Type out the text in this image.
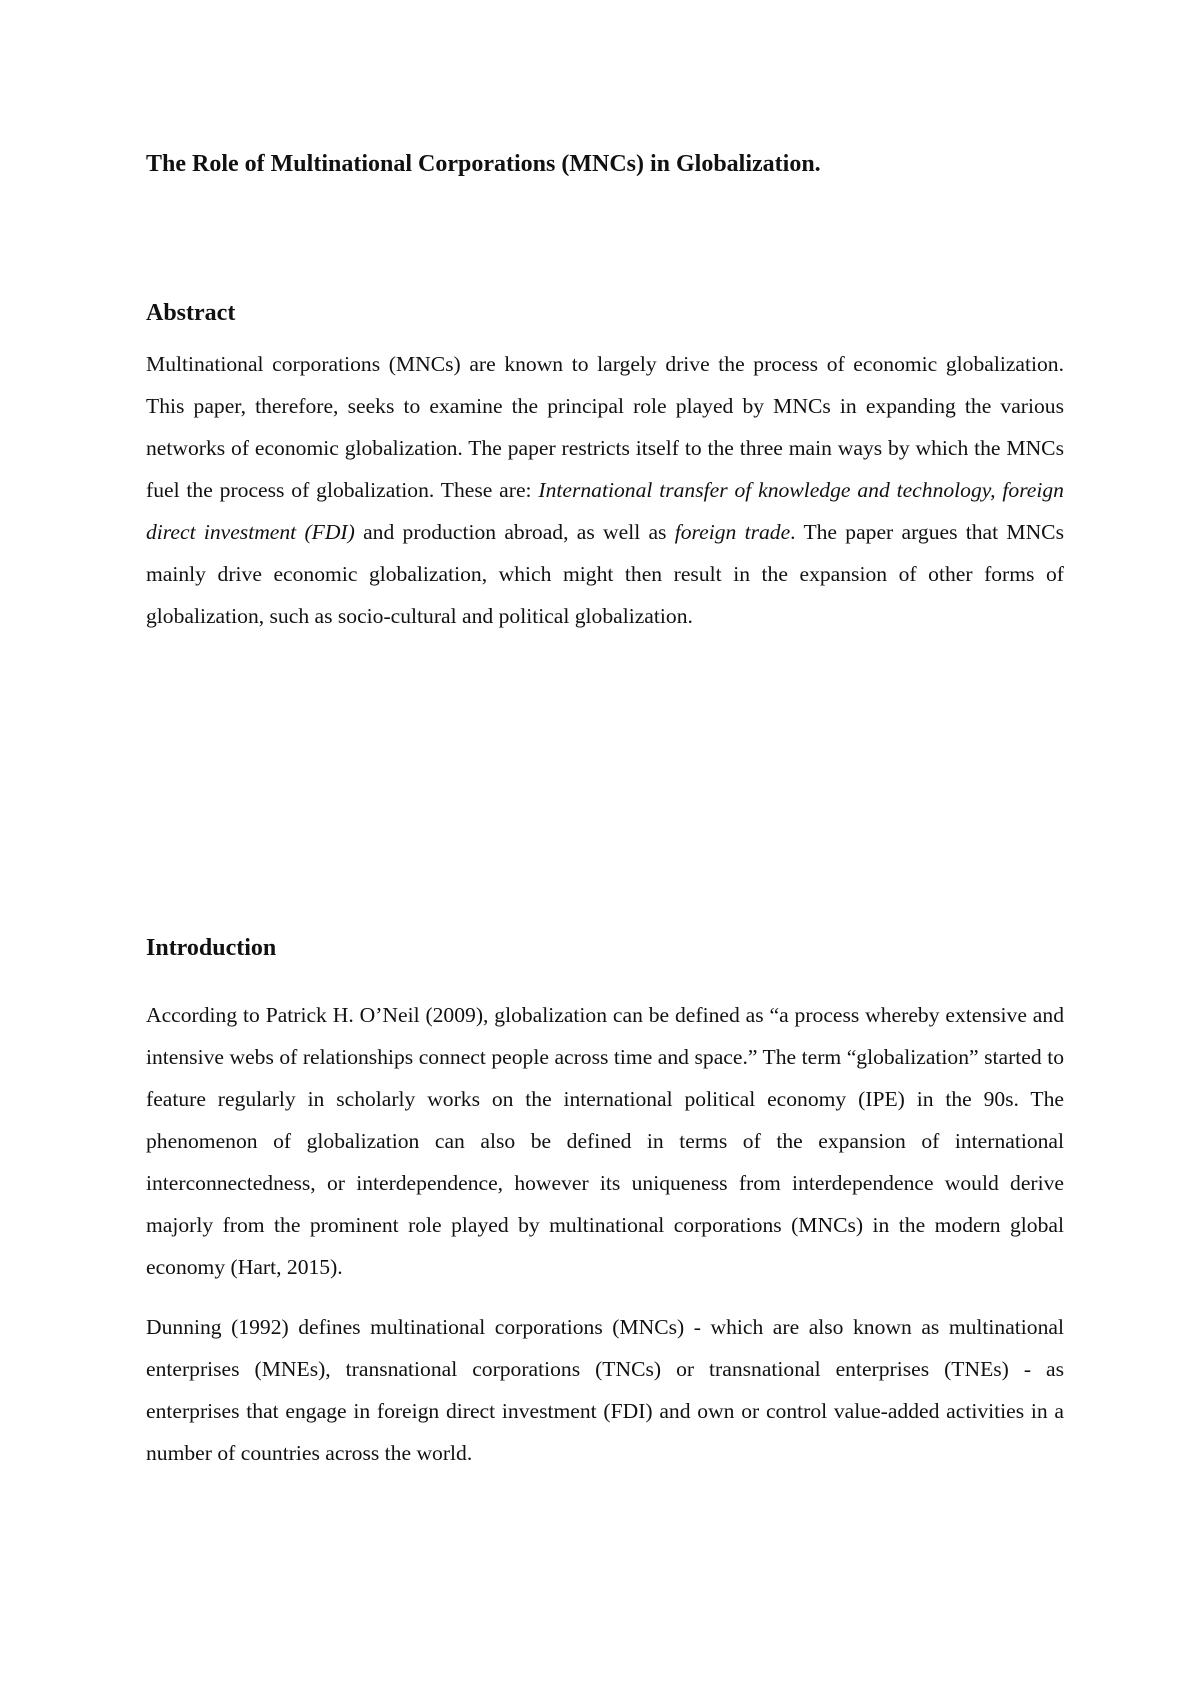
The Role of Multinational Corporations (MNCs) in Globalization.
Abstract

Multinational corporations (MNCs) are known to largely drive the process of economic globalization. This paper, therefore, seeks to examine the principal role played by MNCs in expanding the various networks of economic globalization. The paper restricts itself to the three main ways by which the MNCs fuel the process of globalization. These are: International transfer of knowledge and technology, foreign direct investment (FDI) and production abroad, as well as foreign trade. The paper argues that MNCs mainly drive economic globalization, which might then result in the expansion of other forms of globalization, such as socio-cultural and political globalization.

Introduction

According to Patrick H. O’Neil (2009), globalization can be defined as “a process whereby extensive and intensive webs of relationships connect people across time and space.” The term “globalization” started to feature regularly in scholarly works on the international political economy (IPE) in the 90s. The phenomenon of globalization can also be defined in terms of the expansion of international interconnectedness, or interdependence, however its uniqueness from interdependence would derive majorly from the prominent role played by multinational corporations (MNCs) in the modern global economy (Hart, 2015).

Dunning (1992) defines multinational corporations (MNCs) - which are also known as multinational enterprises (MNEs), transnational corporations (TNCs) or transnational enterprises (TNEs) - as enterprises that engage in foreign direct investment (FDI) and own or control value-added activities in a number of countries across the world.
